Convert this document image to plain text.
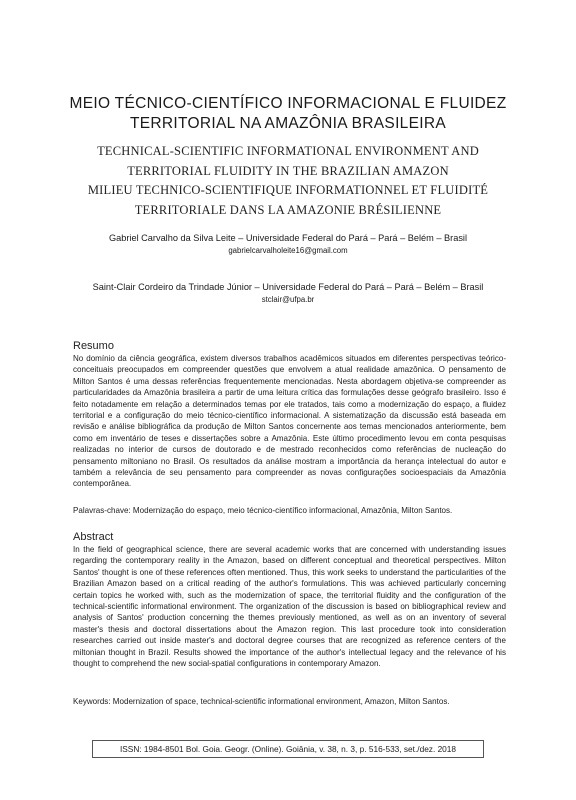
MEIO TÉCNICO-CIENTÍFICO INFORMACIONAL E FLUIDEZ TERRITORIAL NA AMAZÔNIA BRASILEIRA
TECHNICAL-SCIENTIFIC INFORMATIONAL ENVIRONMENT AND TERRITORIAL FLUIDITY IN THE BRAZILIAN AMAZON
MILIEU TECHNICO-SCIENTIFIQUE INFORMATIONNEL ET FLUIDITÉ TERRITORIALE DANS LA AMAZONIE BRÉSILIENNE
Gabriel Carvalho da Silva Leite – Universidade Federal do Pará – Pará – Belém – Brasil
gabrielcarvalholeite16@gmail.com
Saint-Clair Cordeiro da Trindade Júnior – Universidade Federal do Pará – Pará – Belém – Brasil
stclair@ufpa.br
Resumo
No domínio da ciência geográfica, existem diversos trabalhos acadêmicos situados em diferentes perspectivas teórico-conceituais preocupados em compreender questões que envolvem a atual realidade amazônica. O pensamento de Milton Santos é uma dessas referências frequentemente mencionadas. Nesta abordagem objetiva-se compreender as particularidades da Amazônia brasileira a partir de uma leitura crítica das formulações desse geógrafo brasileiro. Isso é feito notadamente em relação a determinados temas por ele tratados, tais como a modernização do espaço, a fluidez territorial e a configuração do meio técnico-científico informacional. A sistematização da discussão está baseada em revisão e análise bibliográfica da produção de Milton Santos concernente aos temas mencionados anteriormente, bem como em inventário de teses e dissertações sobre a Amazônia. Este último procedimento levou em conta pesquisas realizadas no interior de cursos de doutorado e de mestrado reconhecidos como referências de nucleação do pensamento miltoniano no Brasil. Os resultados da análise mostram a importância da herança intelectual do autor e também a relevância de seu pensamento para compreender as novas configurações socioespaciais da Amazônia contemporânea.
Palavras-chave: Modernização do espaço, meio técnico-científico informacional, Amazônia, Milton Santos.
Abstract
In the field of geographical science, there are several academic works that are concerned with understanding issues regarding the contemporary reality in the Amazon, based on different conceptual and theoretical perspectives. Milton Santos' thought is one of these references often mentioned. Thus, this work seeks to understand the particularities of the Brazilian Amazon based on a critical reading of the author's formulations. This was achieved particularly concerning certain topics he worked with, such as the modernization of space, the territorial fluidity and the configuration of the technical-scientific informational environment. The organization of the discussion is based on bibliographical review and analysis of Santos' production concerning the themes previously mentioned, as well as on an inventory of several master's thesis and doctoral dissertations about the Amazon region. This last procedure took into consideration researches carried out inside master's and doctoral degree courses that are recognized as reference centers of the miltonian thought in Brazil. Results showed the importance of the author's intellectual legacy and the relevance of his thought to comprehend the new social-spatial configurations in contemporary Amazon.
Keywords: Modernization of space, technical-scientific informational environment, Amazon, Milton Santos.
ISSN: 1984-8501 Bol. Goia. Geogr. (Online). Goiânia, v. 38, n. 3, p. 516-533, set./dez. 2018
